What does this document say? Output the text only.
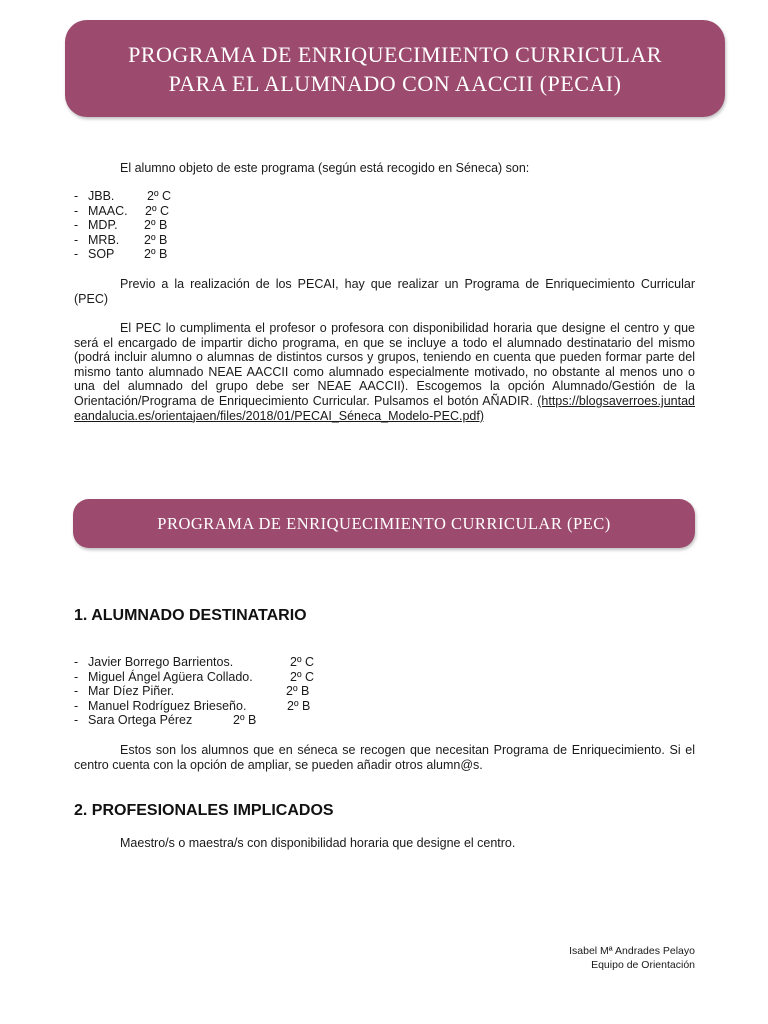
PROGRAMA DE ENRIQUECIMIENTO CURRICULAR
PARA EL ALUMNADO CON AACCII (PECAI)
El alumno objeto de este programa (según está recogido en Séneca) son:
- JBB.	2º C
- MAAC.	2º C
- MDP.	2º B
- MRB.	2º B
- SOP	2º B
Previo a la realización de los PECAI, hay que realizar un Programa de Enriquecimiento Curricular (PEC)
El PEC lo cumplimenta el profesor o profesora con disponibilidad horaria que designe el centro y que será el encargado de impartir dicho programa, en que se incluye a todo el alumnado destinatario del mismo (podrá incluir alumno o alumnas de distintos cursos y grupos, teniendo en cuenta que pueden formar parte del mismo tanto alumnado NEAE AACCII como alumnado especialmente motivado, no obstante al menos uno o una del alumnado del grupo debe ser NEAE AACCII). Escogemos la opción Alumnado/Gestión de la Orientación/Programa de Enriquecimiento Curricular. Pulsamos el botón AÑADIR. (https://blogsaverroes.juntadeandalucia.es/orientajaen/files/2018/01/PECAI_Séneca_Modelo-PEC.pdf)
PROGRAMA DE ENRIQUECIMIENTO CURRICULAR (PEC)
1. ALUMNADO DESTINATARIO
- Javier Borrego Barrientos.	2º C
- Miguel Ángel Agüera Collado.	2º C
- Mar Díez Piñer.	2º B
- Manuel Rodríguez Brieseño.	2º B
- Sara Ortega Pérez	2º B
Estos son los alumnos que en séneca se recogen que necesitan Programa de Enriquecimiento. Si el centro cuenta con la opción de ampliar, se pueden añadir otros alumn@s.
2. PROFESIONALES IMPLICADOS
Maestro/s o maestra/s con disponibilidad horaria que designe el centro.
Isabel Mª Andrades Pelayo
Equipo de Orientación
